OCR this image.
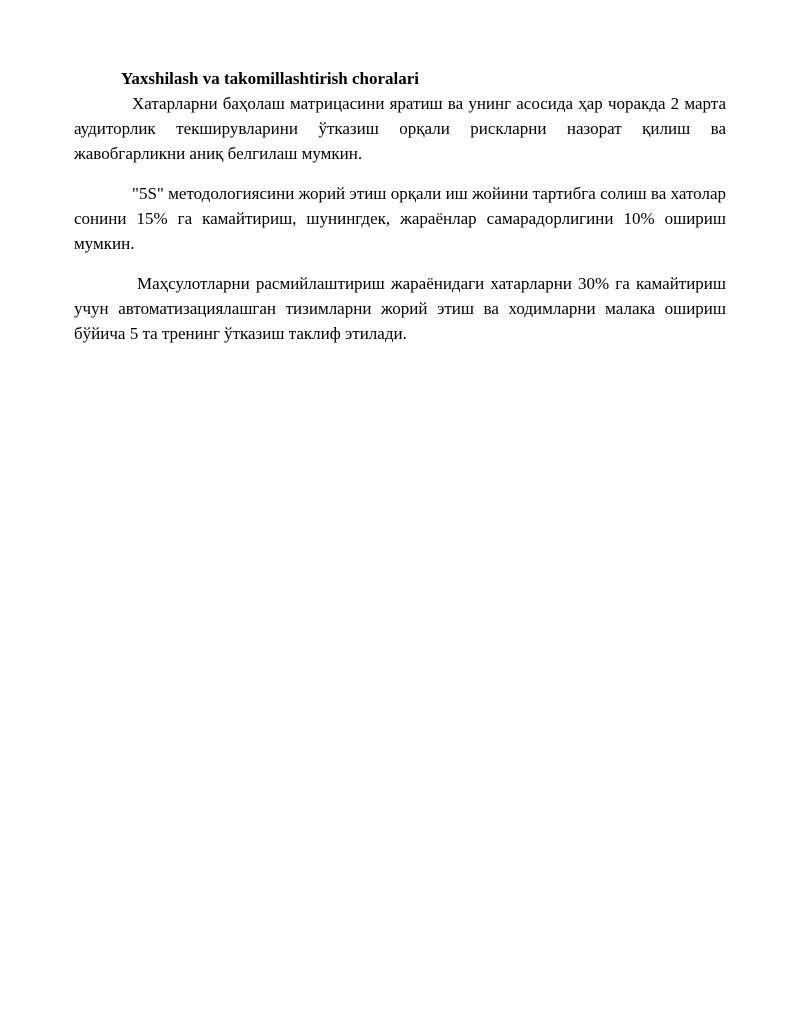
Yaxshilash va takomillashtirish choralari

Хатарларни баҳолаш матрицасини яратиш ва унинг асосида ҳар чоракда 2 марта аудиторлик текширувларини ўтказиш орқали рискларни назорат қилиш ва жавобгарликни аниқ белгилаш мумкин.

"5S" методологиясини жорий этиш орқали иш жойини тартибга солиш ва хатолар сонини 15% га камайтириш, шунингдек, жараёнлар самарадорлигини 10% ошириш мумкин.

Маҳсулотларни расмийлаштириш жараёнидаги хатарларни 30% га камайтириш учун автоматизациялашган тизимларни жорий этиш ва ходимларни малака ошириш бўйича 5 та тренинг ўтказиш таклиф этилади.
